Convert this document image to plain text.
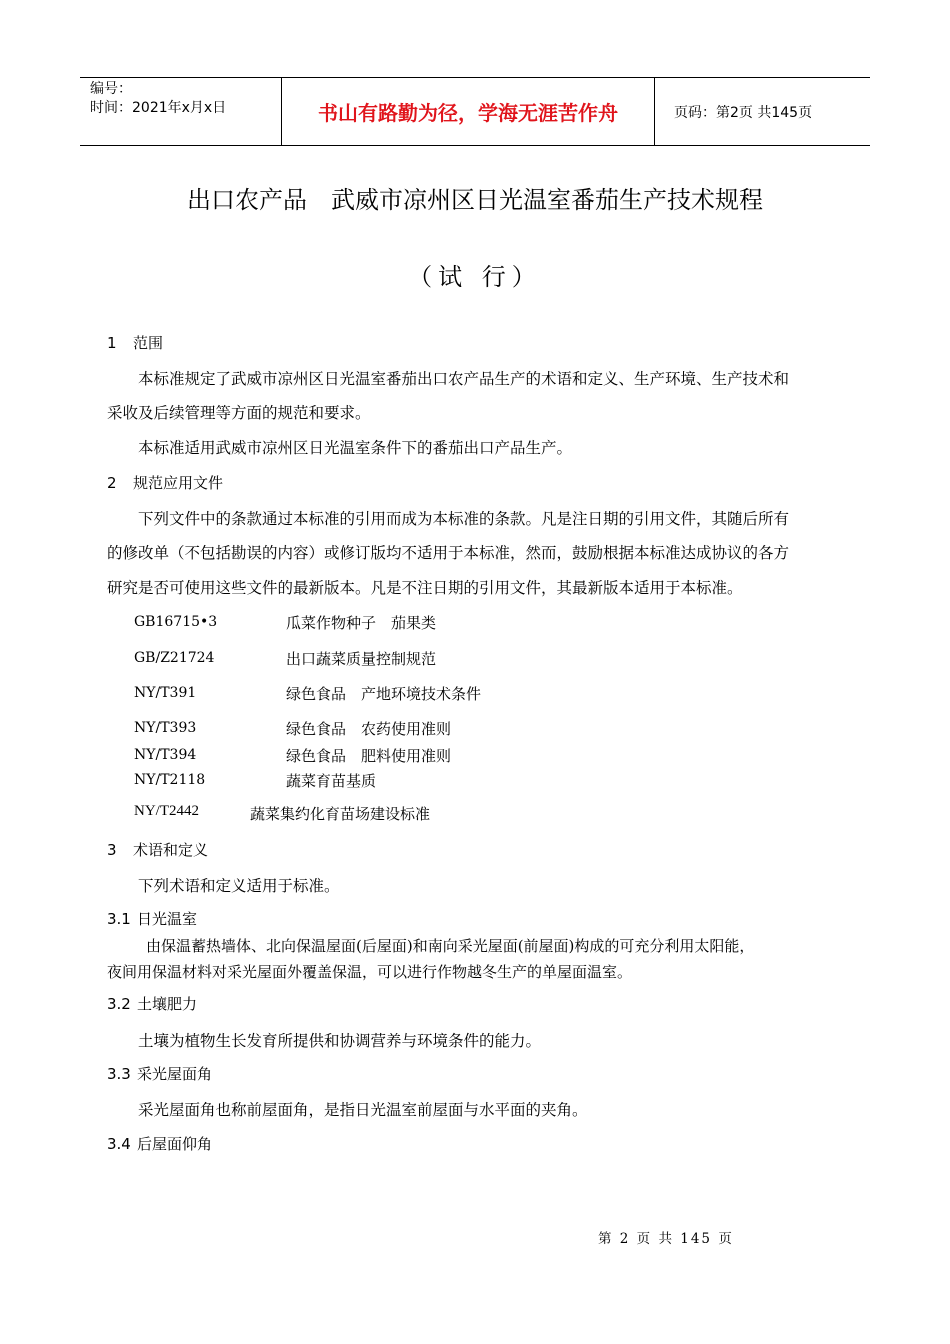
编号：
时间：2021年x月x日	书山有路勤为径，学海无涯苦作舟	页码：第2页 共145页
出口农产品　武威市凉州区日光温室番茄生产技术规程
（试 行）
1 范围
本标准规定了武威市凉州区日光温室番茄出口农产品生产的术语和定义、生产环境、生产技术和
采收及后续管理等方面的规范和要求。
本标准适用武威市凉州区日光温室条件下的番茄出口产品生产。
2 规范应用文件
下列文件中的条款通过本标准的引用而成为本标准的条款。凡是注日期的引用文件，其随后所有
的修改单（不包括勘误的内容）或修订版均不适用于本标准，然而，鼓励根据本标准达成协议的各方
研究是否可使用这些文件的最新版本。凡是不注日期的引用文件，其最新版本适用于本标准。
GB16715•3	瓜菜作物种子　茄果类
GB/Z21724	出口蔬菜质量控制规范
NY/T391	绿色食品　产地环境技术条件
NY/T393	绿色食品　农药使用准则
NY/T394	绿色食品　肥料使用准则
NY/T2118	蔬菜育苗基质
NY/T2442	蔬菜集约化育苗场建设标准
3 术语和定义
下列术语和定义适用于标准。
3.1 日光温室
由保温蓄热墙体、北向保温屋面(后屋面)和南向采光屋面(前屋面)构成的可充分利用太阳能，
夜间用保温材料对采光屋面外覆盖保温，可以进行作物越冬生产的单屋面温室。
3.2 土壤肥力
土壤为植物生长发育所提供和协调营养与环境条件的能力。
3.3 采光屋面角
采光屋面角也称前屋面角，是指日光温室前屋面与水平面的夹角。
3.4 后屋面仰角
第 2 页 共 145 页
